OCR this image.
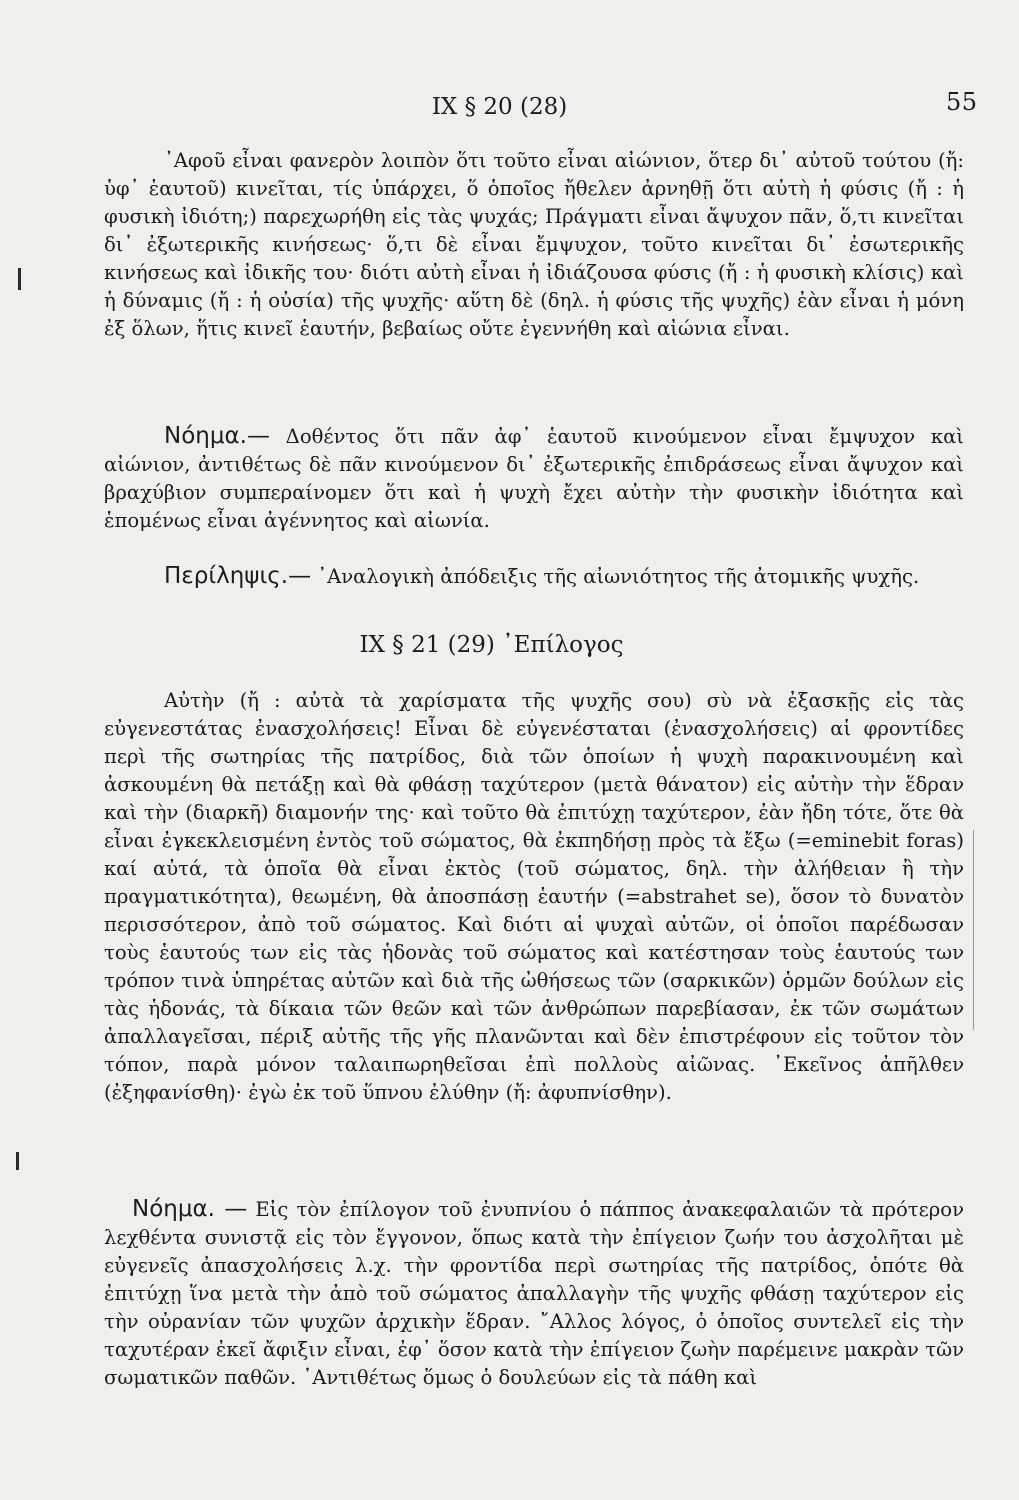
55
IX § 20 (28)

᾿Αφοῦ εἶναι φανερὸν λοιπὸν ὅτι τοῦτο εἶναι αἰώνιον, ὅτερ δι᾿ αὐτοῦ τούτου (ἤ: ὑφ᾿ ἑαυτοῦ) κινεῖται, τίς ὑπάρχει, ὅ ὁποῖος ἤθελεν ἀρνηθῇ ὅτι αὐτὴ ἡ φύσις (ἤ : ἡ φυσικὴ ἰδιότη;) παρεχωρήθη εἰς τὰς ψυχάς; Πράγματι εἶναι ἄψυχον πᾶν, ὅ,τι κινεῖται δι᾿ ἐξωτερικῆς κινήσεως· ὅ,τι δὲ εἶναι ἔμψυχον, τοῦτο κινεῖται δι᾿ ἐσωτερικῆς κινήσεως καὶ ἰδικῆς του· διότι αὐτὴ εἶναι ἡ ἰδιάζουσα φύσις (ἤ : ἡ φυσικὴ κλίσις) καὶ ἡ δύναμις (ἤ : ἡ οὐσία) τῆς ψυχῆς· αὕτη δὲ (δηλ. ἡ φύσις τῆς ψυχῆς) ἐὰν εἶναι ἡ μόνη ἐξ ὅλων, ἥτις κινεῖ ἑαυτήν, βεβαίως οὔτε ἐγεννήθη καὶ αἰώνια εἶναι.

Νόημα.— Δοθέντος ὅτι πᾶν ἀφ᾿ ἑαυτοῦ κινούμενον εἶναι ἔμψυχον καὶ αἰώνιον, ἀντιθέτως δὲ πᾶν κινούμενον δι᾿ ἐξωτερικῆς ἐπιδράσεως εἶναι ἄψυχον καὶ βραχύβιον συμπεραίνομεν ὅτι καὶ ἡ ψυχὴ ἔχει αὐτὴν τὴν φυσικὴν ἰδιότητα καὶ ἑπομένως εἶναι ἀγέννητος καὶ αἰωνία.

Περίληψις.— ᾿Αναλογικὴ ἀπόδειξις τῆς αἰωνιότητος τῆς ἀτομικῆς ψυχῆς.

IX § 21 (29) ᾿Επίλογος

Αὐτὴν (ἤ : αὐτὰ τὰ χαρίσματα τῆς ψυχῆς σου) σὺ νὰ ἐξασκῇς εἰς τὰς εὐγενεστάτας ἐνασχολήσεις! Εἶναι δὲ εὐγενέσταται (ἐνασχολήσεις) αἱ φροντίδες περὶ τῆς σωτηρίας τῆς πατρίδος, διὰ τῶν ὁποίων ἡ ψυχὴ παρακινουμένη καὶ ἀσκουμένη θὰ πετάξῃ καὶ θὰ φθάσῃ ταχύτερον (μετὰ θάνατον) εἰς αὐτὴν τὴν ἕδραν καὶ τὴν (διαρκῆ) διαμονήν της· καὶ τοῦτο θὰ ἐπιτύχῃ ταχύτερον, ἐὰν ἤδη τότε, ὅτε θὰ εἶναι ἐγκεκλεισμένη ἐντὸς τοῦ σώματος, θὰ ἐκπηδήσῃ πρὸς τὰ ἔξω (=eminebit foras) καί αὐτά, τὰ ὁποῖα θὰ εἶναι ἐκτὸς (τοῦ σώματος, δηλ. τὴν ἀλήθειαν ἢ τὴν πραγματικότητα), θεωμένη, θὰ ἀποσπάσῃ ἑαυτήν (=abstrahet se), ὅσον τὸ δυνατὸν περισσότερον, ἀπὸ τοῦ σώματος. Καὶ διότι αἱ ψυχαὶ αὐτῶν, οἱ ὁποῖοι παρέδωσαν τοὺς ἑαυτούς των εἰς τὰς ἡδονὰς τοῦ σώματος καὶ κατέστησαν τοὺς ἑαυτούς των τρόπον τινὰ ὑπηρέτας αὐτῶν καὶ διὰ τῆς ὠθήσεως τῶν (σαρκικῶν) ὁρμῶν δούλων εἰς τὰς ἡδονάς, τὰ δίκαια τῶν θεῶν καὶ τῶν ἀνθρώπων παρεβίασαν, ἐκ τῶν σωμάτων ἀπαλλαγεῖσαι, πέριξ αὐτῆς τῆς γῆς πλανῶνται καὶ δὲν ἐπιστρέφουν εἰς τοῦτον τὸν τόπον, παρὰ μόνον ταλαιπωρηθεῖσαι ἐπὶ πολλοὺς αἰῶνας. ᾿Εκεῖνος ἀπῆλθεν (ἐξηφανίσθη)· ἐγὼ ἐκ τοῦ ὕπνου ἐλύθην (ἤ: ἀφυπνίσθην).

Νόημα. — Εἰς τὸν ἐπίλογον τοῦ ἐνυπνίου ὁ πάππος ἀνακεφαλαιῶν τὰ πρότερον λεχθέντα συνιστᾷ εἰς τὸν ἔγγονον, ὅπως κατὰ τὴν ἐπίγειον ζωήν του ἀσχολῆται μὲ εὐγενεῖς ἀπασχολήσεις λ.χ. τὴν φροντίδα περὶ σωτηρίας τῆς πατρίδος, ὁπότε θὰ ἐπιτύχῃ ἵνα μετὰ τὴν ἀπὸ τοῦ σώματος ἀπαλλαγὴν τῆς ψυχῆς φθάσῃ ταχύτερον εἰς τὴν οὐρανίαν τῶν ψυχῶν ἀρχικὴν ἕδραν. ῎Αλλος λόγος, ὁ ὁποῖος συντελεῖ εἰς τὴν ταχυτέραν ἐκεῖ ἄφιξιν εἶναι, ἐφ᾿ ὅσον κατὰ τὴν ἐπίγειον ζωὴν παρέμεινε μακρὰν τῶν σωματικῶν παθῶν. ᾿Αντιθέτως ὅμως ὁ δουλεύων εἰς τὰ πάθη καὶ
